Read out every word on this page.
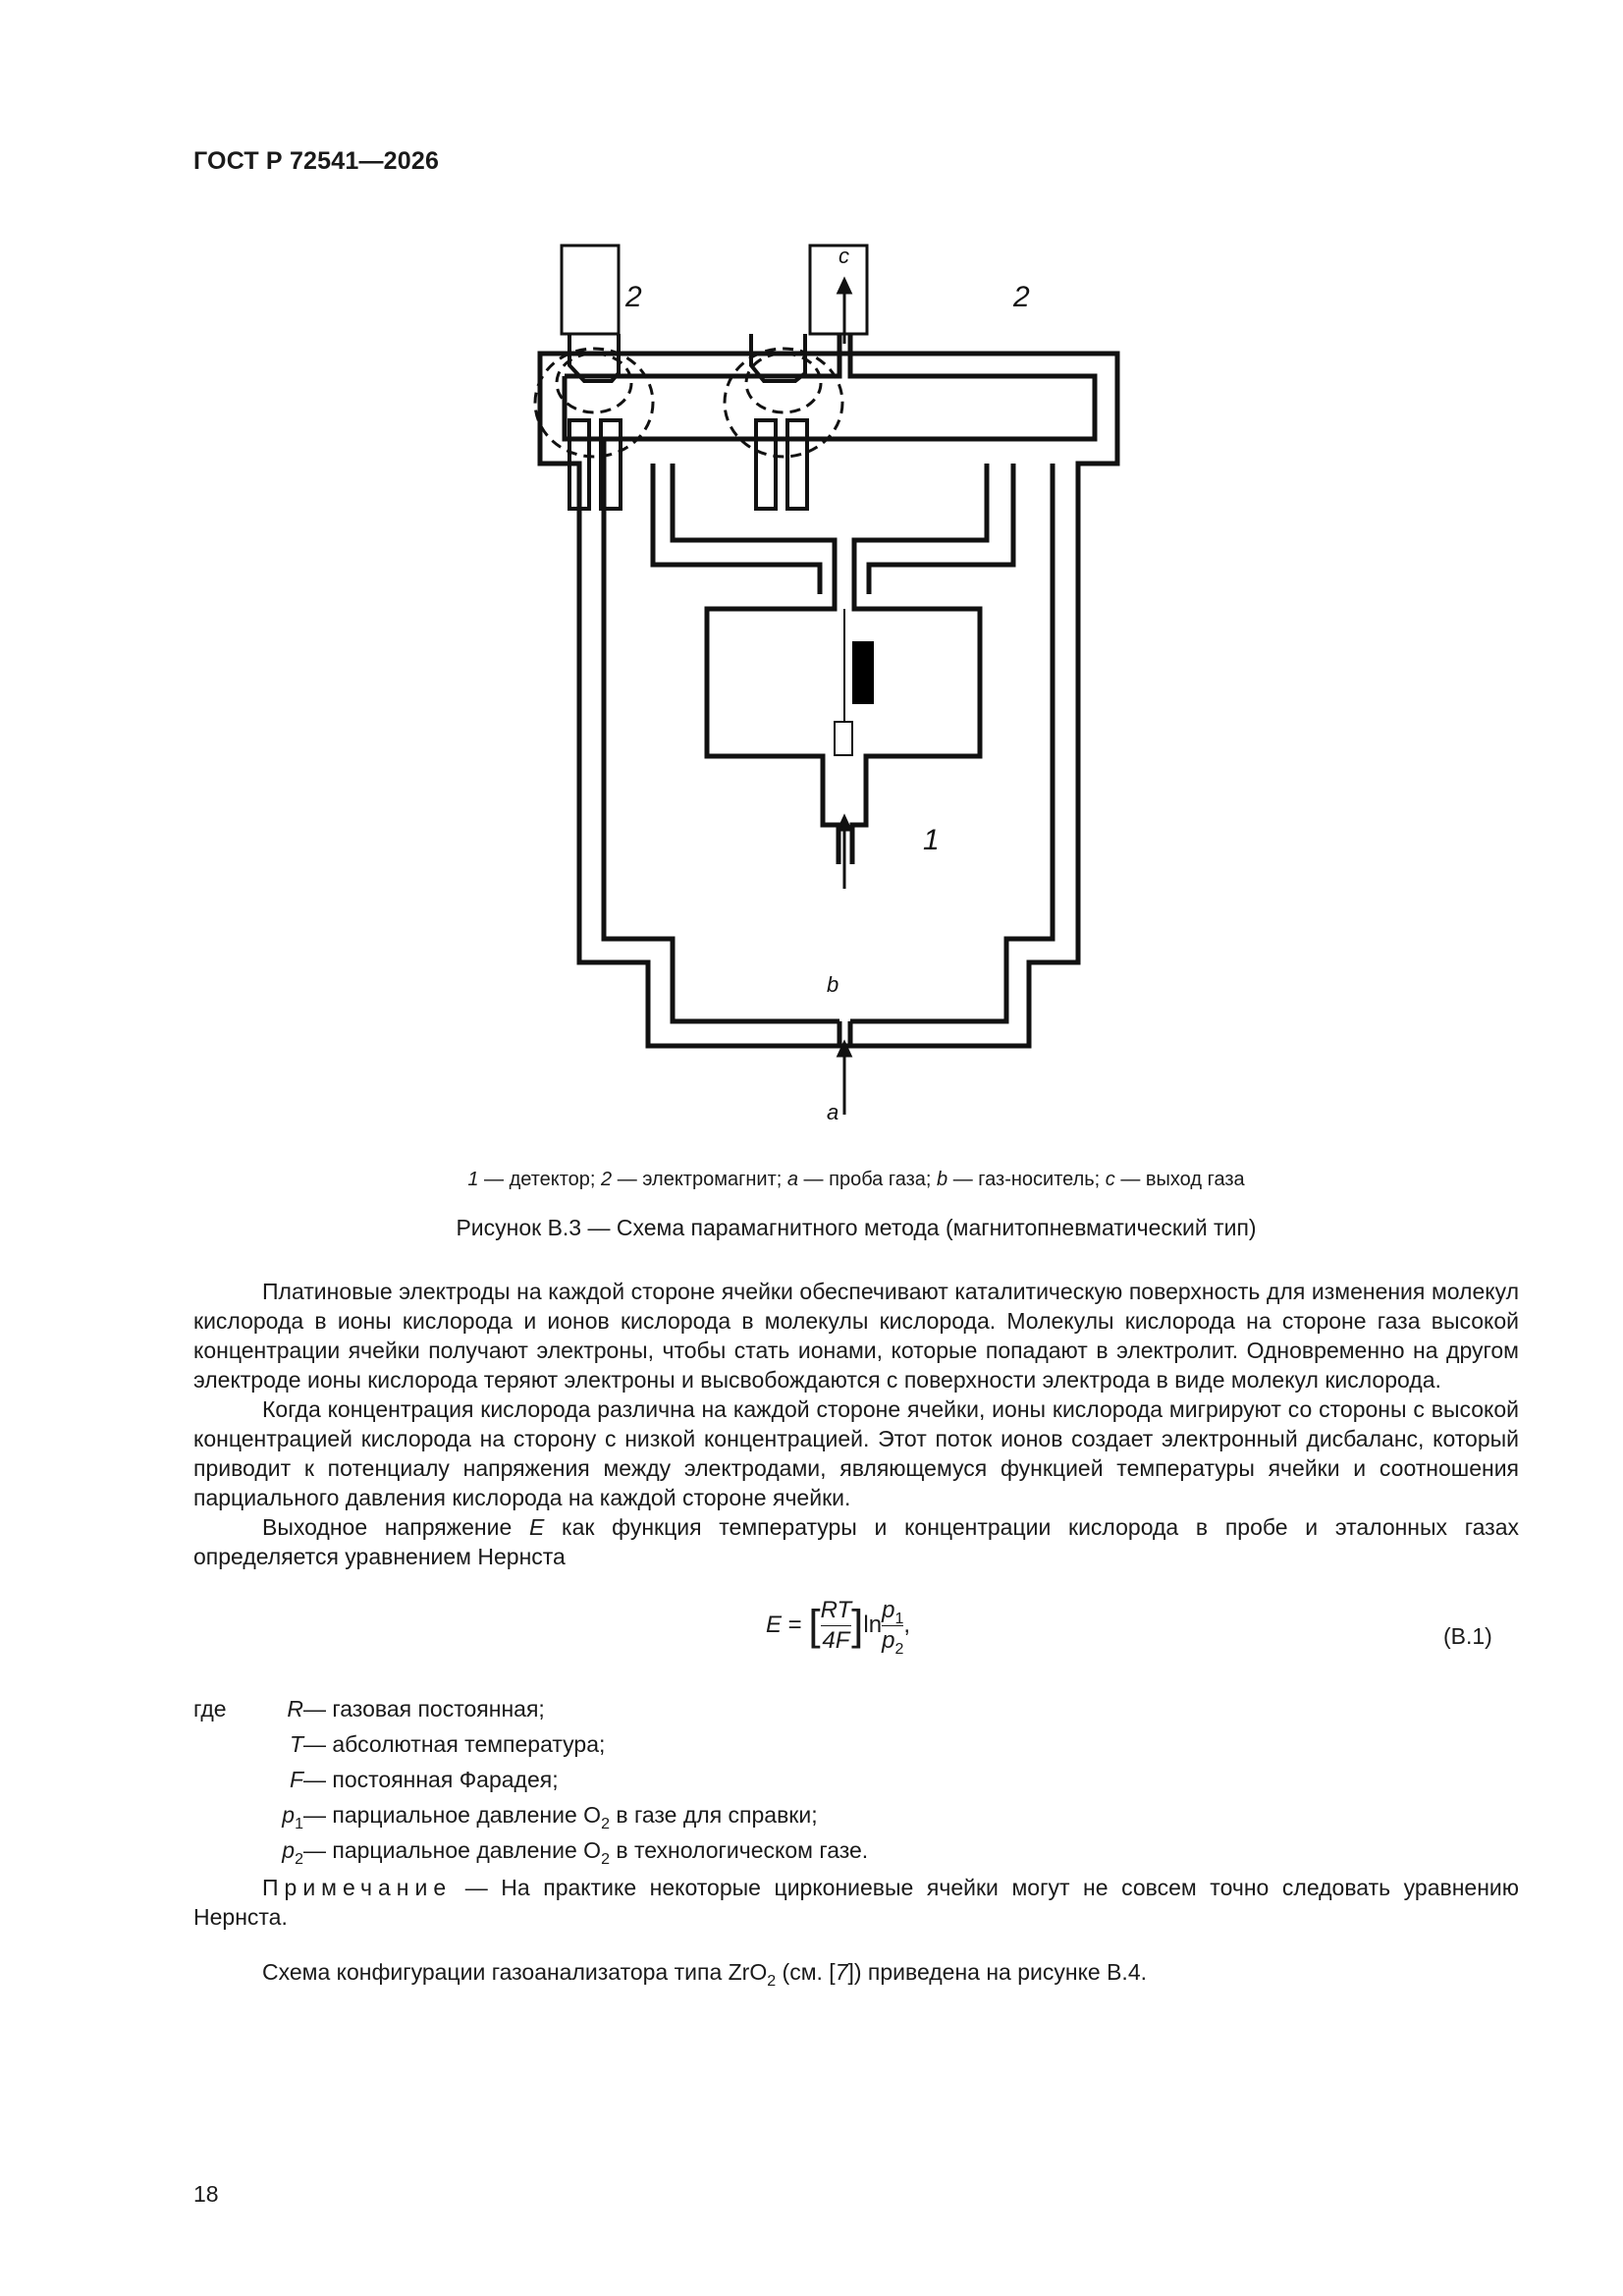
ГОСТ Р 72541—2026
c
b
a
1
2	2
1 — детектор; 2 — электромагнит; a — проба газа; b — газ-носитель; c — выход газа
Рисунок В.3 — Схема парамагнитного метода (магнитопневматический тип)

Платиновые электроды на каждой стороне ячейки обеспечивают каталитическую поверхность для изменения молекул кислорода в ионы кислорода и ионов кислорода в молекулы кислорода. Молекулы кислорода на стороне газа высокой концентрации ячейки получают электроны, чтобы стать ионами, которые попадают в электролит. Одновременно на другом электроде ионы кислорода теряют электроны и высвобождаются с поверхности электрода в виде молекул кислорода.

Когда концентрация кислорода различна на каждой стороне ячейки, ионы кислорода мигрируют со стороны с высокой концентрацией кислорода на сторону с низкой концентрацией. Этот поток ионов создает электронный дисбаланс, который приводит к потенциалу напряжения между электродами, являющемуся функцией температуры ячейки и соотношения парциального давления кислорода на каждой стороне ячейки.

Выходное напряжение E как функция температуры и концентрации кислорода в пробе и эталонных газах определяется уравнением Нернста

E = [ $\frac{RT}{4F} ]\ln \frac{p_1}{p_2}$ ,	(В.1)
где	R — газовая постоянная;
T — абсолютная температура;
F — постоянная Фарадея;
$p_1$ — парциальное давление $O_2$ в газе для справки;
$p_2$ — парциальное давление $O_2$ в технологическом газе.

Примечание — На практике некоторые циркониевые ячейки могут не совсем точно следовать уравнению Нернста.

Схема конфигурации газоанализатора типа ZrO$_2$ (см. [7]) приведена на рисунке В.4.

18
